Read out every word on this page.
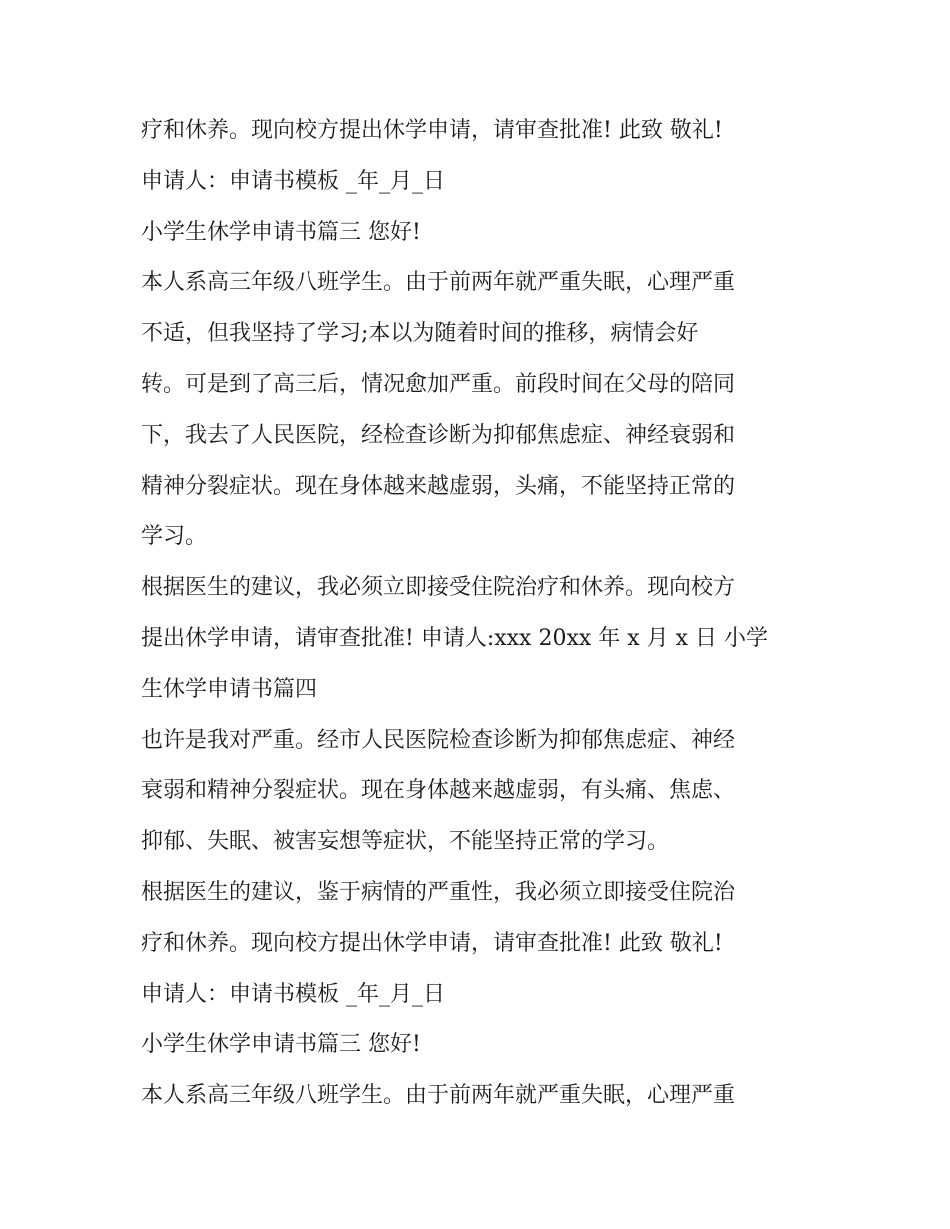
疗和休养。现向校方提出休学申请，请审查批准! 此致 敬礼!
申请人：申请书模板 _年_月_日
小学生休学申请书篇三 您好!
本人系高三年级八班学生。由于前两年就严重失眠，心理严重
不适，但我坚持了学习;本以为随着时间的推移，病情会好
转。可是到了高三后，情况愈加严重。前段时间在父母的陪同
下，我去了人民医院，经检查诊断为抑郁焦虑症、神经衰弱和
精神分裂症状。现在身体越来越虚弱，头痛，不能坚持正常的
学习。
根据医生的建议，我必须立即接受住院治疗和休养。现向校方
提出休学申请，请审查批准! 申请人:xxx 20xx 年 x 月 x 日 小学
生休学申请书篇四
也许是我对严重。经市人民医院检查诊断为抑郁焦虑症、神经
衰弱和精神分裂症状。现在身体越来越虚弱，有头痛、焦虑、
抑郁、失眠、被害妄想等症状，不能坚持正常的学习。
根据医生的建议，鉴于病情的严重性，我必须立即接受住院治
疗和休养。现向校方提出休学申请，请审查批准! 此致 敬礼!
申请人：申请书模板 _年_月_日
小学生休学申请书篇三 您好!
本人系高三年级八班学生。由于前两年就严重失眠，心理严重
